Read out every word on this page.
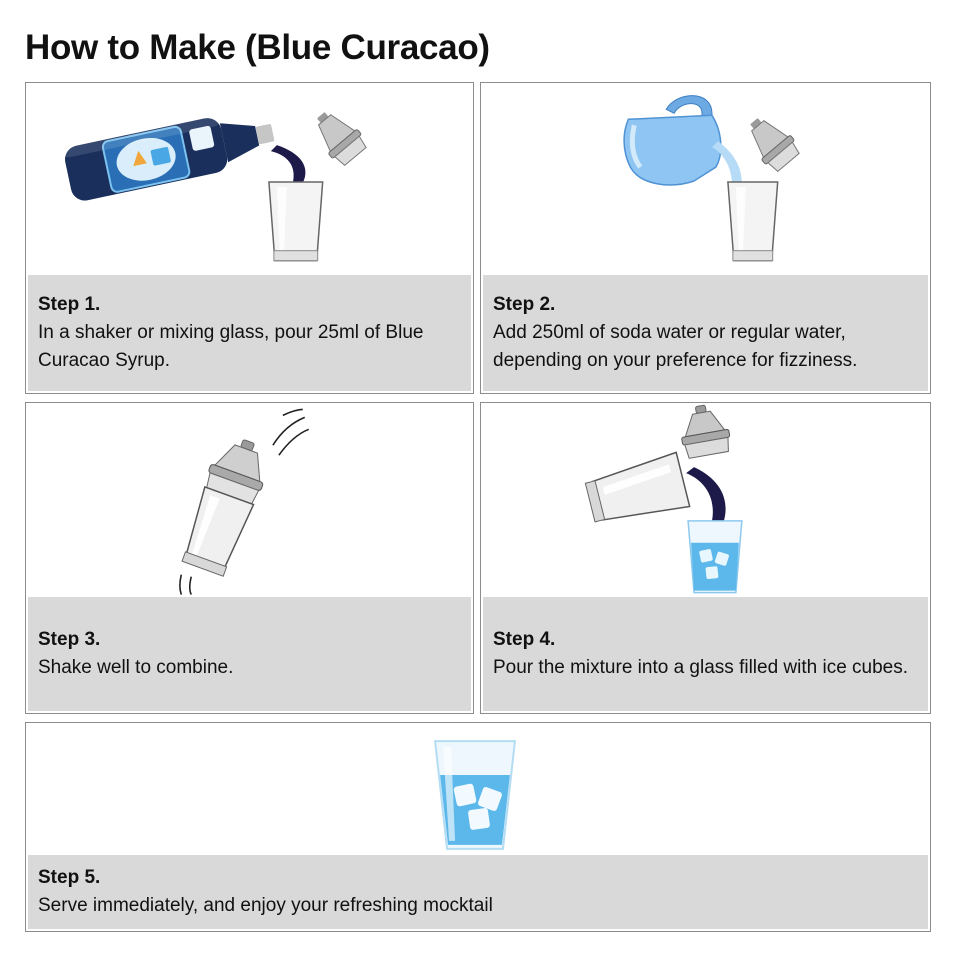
How to Make (Blue Curacao)
Step 1.
In a shaker or mixing glass, pour 25ml of Blue Curacao Syrup.
Step 2.
Add 250ml of soda water or regular water, depending on your preference for fizziness.
Step 3.
Shake well to combine.
Step 4.
Pour the mixture into a glass filled with ice cubes.
Step 5.
Serve immediately, and enjoy your refreshing mocktail
